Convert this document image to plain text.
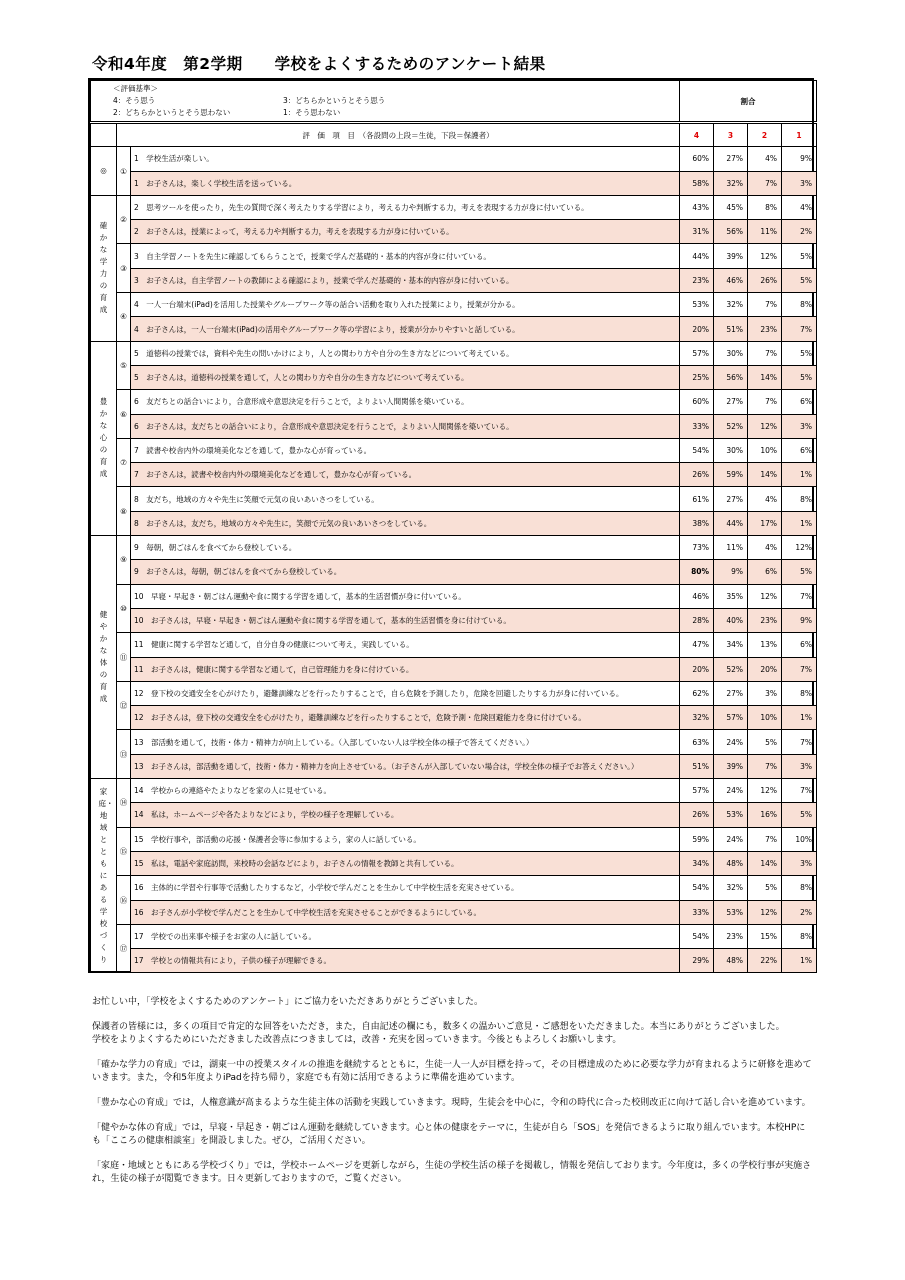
令和4年度　第2学期　　学校をよくするためのアンケート結果
＜評価基準＞
4：そう思う 3：どちらかというとそう思う
2：どちらかというとそう思わない 1：そう思わない			割合			
	評　価　項　目　（各設問の上段＝生徒，下段＝保護者）		4	3	2	1
◎	①	1　学校生活が楽しい。	60%	27%	4%	9%
		1　お子さんは，楽しく学校生活を送っている。	58%	32%	7%	3%
確かな学力の育成	②	2　思考ツールを使ったり，先生の質問で深く考えたりする学習により，考える力や判断する力，考えを表現する力が身に付いている。	43%	45%	8%	4%
		2　お子さんは，授業によって，考える力や判断する力，考えを表現する力が身に付いている。	31%	56%	11%	2%
	③	3　自主学習ノートを先生に確認してもらうことで，授業で学んだ基礎的・基本的内容が身に付いている。	44%	39%	12%	5%
		3　お子さんは，自主学習ノートの教師による確認により，授業で学んだ基礎的・基本的内容が身に付いている。	23%	46%	26%	5%
	④	4　一人一台端末(iPad)を活用した授業やグループワーク等の話合い活動を取り入れた授業により，授業が分かる。	53%	32%	7%	8%
		4　お子さんは，一人一台端末(iPad)の活用やグループワーク等の学習により，授業が分かりやすいと話している。	20%	51%	23%	7%
豊かな心の育成	⑤	5　道徳科の授業では，資料や先生の問いかけにより，人との関わり方や自分の生き方などについて考えている。	57%	30%	7%	5%
		5　お子さんは，道徳科の授業を通して，人との関わり方や自分の生き方などについて考えている。	25%	56%	14%	5%
	⑥	6　友だちとの話合いにより，合意形成や意思決定を行うことで，よりよい人間関係を築いている。	60%	27%	7%	6%
		6　お子さんは，友だちとの話合いにより，合意形成や意思決定を行うことで，よりよい人間関係を築いている。	33%	52%	12%	3%
	⑦	7　読書や校舎内外の環境美化などを通して，豊かな心が育っている。	54%	30%	10%	6%
		7　お子さんは，読書や校舎内外の環境美化などを通して，豊かな心が育っている。	26%	59%	14%	1%
	⑧	8　友だち，地域の方々や先生に笑顔で元気の良いあいさつをしている。	61%	27%	4%	8%
		8　お子さんは，友だち，地域の方々や先生に，笑顔で元気の良いあいさつをしている。	38%	44%	17%	1%
健やかな体の育成	⑨	9　毎朝，朝ごはんを食べてから登校している。	73%	11%	4%	12%
		9　お子さんは，毎朝，朝ごはんを食べてから登校している。	80%	9%	6%	5%
	⑩	10　早寝・早起き・朝ごはん運動や食に関する学習を通して，基本的生活習慣が身に付いている。	46%	35%	12%	7%
		10　お子さんは，早寝・早起き・朝ごはん運動や食に関する学習を通して，基本的生活習慣を身に付けている。	28%	40%	23%	9%
	⑪	11　健康に関する学習など通して，自分自身の健康について考え，実践している。	47%	34%	13%	6%
		11　お子さんは，健康に関する学習など通して，自己管理能力を身に付けている。	20%	52%	20%	7%
	⑫	12　登下校の交通安全を心がけたり，避難訓練などを行ったりすることで，自ら危険を予測したり，危険を回避したりする力が身に付いている。	62%	27%	3%	8%
		12　お子さんは，登下校の交通安全を心がけたり，避難訓練などを行ったりすることで，危険予測・危険回避能力を身に付けている。	32%	57%	10%	1%
	⑬	13　部活動を通して，技術・体力・精神力が向上している。（入部していない人は学校全体の様子で答えてください。）	63%	24%	5%	7%
		13　お子さんは，部活動を通して，技術・体力・精神力を向上させている。（お子さんが入部していない場合は，学校全体の様子でお答えください。）	51%	39%	7%	3%
家庭・地域とともにある学校づくり	⑭	14　学校からの連絡やたよりなどを家の人に見せている。	57%	24%	12%	7%
		14　私は，ホームページや各たよりなどにより，学校の様子を理解している。	26%	53%	16%	5%
	⑮	15　学校行事や，部活動の応援・保護者会等に参加するよう，家の人に話している。	59%	24%	7%	10%
		15　私は，電話や家庭訪問，来校時の会話などにより，お子さんの情報を教師と共有している。	34%	48%	14%	3%
	⑯	16　主体的に学習や行事等で活動したりするなど，小学校で学んだことを生かして中学校生活を充実させている。	54%	32%	5%	8%
		16　お子さんが小学校で学んだことを生かして中学校生活を充実させることができるようにしている。	33%	53%	12%	2%
	⑰	17　学校での出来事や様子をお家の人に話している。	54%	23%	15%	8%
		17　学校との情報共有により，子供の様子が理解できる。	29%	48%	22%	1%

お忙しい中，「学校をよくするためのアンケート」にご協力をいただきありがとうございました。

保護者の皆様には，多くの項目で肯定的な回答をいただき，また，自由記述の欄にも，数多くの温かいご意見・ご感想をいただきました。本当にありがとうございました。
学校をよりよくするためにいただきました改善点につきましては，改善・充実を図っていきます。今後ともよろしくお願いします。

「確かな学力の育成」では，湖東一中の授業スタイルの推進を継続するとともに，生徒一人一人が目標を持って，その目標達成のために必要な学力が育まれるように研修を進めていきます。また，令和5年度よりiPadを持ち帰り，家庭でも有効に活用できるように準備を進めています。

「豊かな心の育成」では，人権意識が高まるような生徒主体の活動を実践していきます。現時，生徒会を中心に，令和の時代に合った校則改正に向けて話し合いを進めています。

「健やかな体の育成」では，早寝・早起き・朝ごはん運動を継続していきます。心と体の健康をテーマに，生徒が自ら「SOS」を発信できるように取り組んでいます。本校HPにも「こころの健康相談室」を開設しました。ぜひ，ご活用ください。

「家庭・地域とともにある学校づくり」では，学校ホームページを更新しながら，生徒の学校生活の様子を掲載し，情報を発信しております。今年度は，多くの学校行事が実施され，生徒の様子が閲覧できます。日々更新しておりますので，ご覧ください。
